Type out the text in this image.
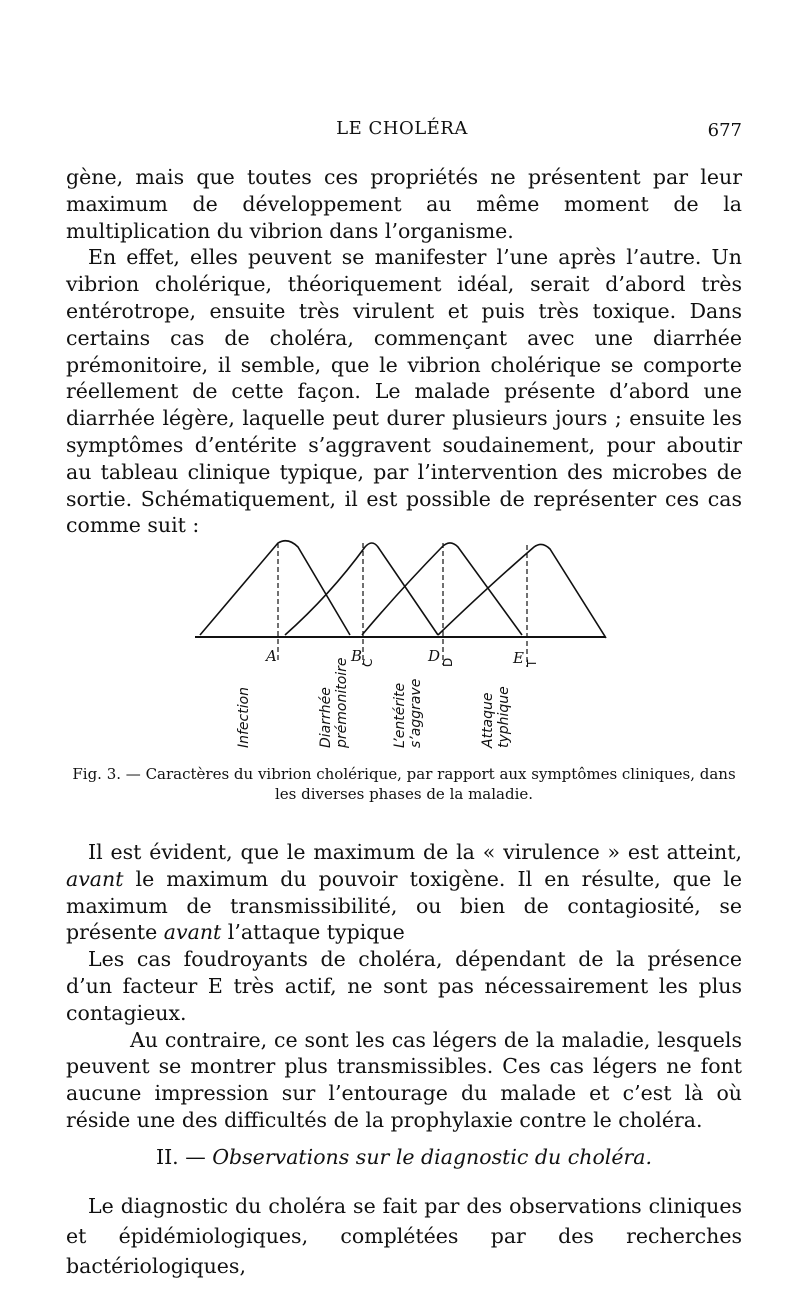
LE CHOLÉRA	677

gène, mais que toutes ces propriétés ne présentent par leur maximum de développement au même moment de la multiplication du vibrion dans l’organisme.

En effet, elles peuvent se manifester l’une après l’autre. Un vibrion cholérique, théoriquement idéal, serait d’abord très entérotrope, ensuite très virulent et puis très toxique. Dans certains cas de choléra, commençant avec une diarrhée prémonitoire, il semble, que le vibrion cholérique se comporte réellement de cette façon. Le malade présente d’abord une diarrhée légère, laquelle peut durer plusieurs jours ; ensuite les symptômes d’entérite s’aggravent soudainement, pour aboutir au tableau clinique typique, par l’intervention des microbes de sortie. Schématiquement, il est possible de représenter ces cas comme suit :

A	B	D	E
Infection	Diarrhée prémonitoire	L’entérite s’aggrave	Attaque typhique
C	D	T
Fig. 3. — Caractères du vibrion cholérique, par rapport aux symptômes cliniques, dans les diverses phases de la maladie.

Il est évident, que le maximum de la « virulence » est atteint, avant le maximum du pouvoir toxigène. Il en résulte, que le maximum de transmissibilité, ou bien de contagiosité, se présente avant l’attaque typique

Les cas foudroyants de choléra, dépendant de la présence d’un facteur E très actif, ne sont pas nécessairement les plus contagieux.

Au contraire, ce sont les cas légers de la maladie, lesquels peuvent se montrer plus transmissibles. Ces cas légers ne font aucune impression sur l’entourage du malade et c’est là où réside une des difficultés de la prophylaxie contre le choléra.

II. — Observations sur le diagnostic du choléra.

Le diagnostic du choléra se fait par des observations cliniques et épidémiologiques, complétées par des recherches bactériologiques,
